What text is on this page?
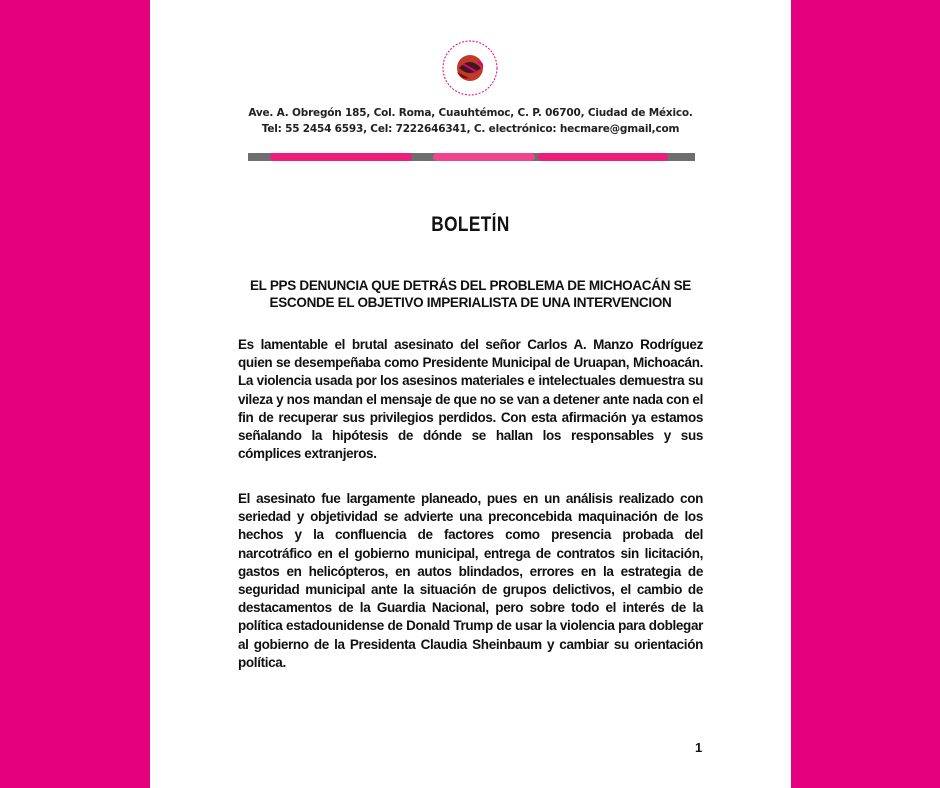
Ave. A. Obregón 185, Col. Roma, Cuauhtémoc, C. P. 06700, Ciudad de México.
Tel: 55 2454 6593, Cel: 7222646341, C. electrónico: hecmare@gmail,com
BOLETÍN
EL PPS DENUNCIA QUE DETRÁS DEL PROBLEMA DE MICHOACÁN SE
ESCONDE EL OBJETIVO IMPERIALISTA DE UNA INTERVENCION

Es lamentable el brutal asesinato del señor Carlos A. Manzo Rodríguez quien se desempeñaba como Presidente Municipal de Uruapan, Michoacán. La violencia usada por los asesinos materiales e intelectuales demuestra su vileza y nos mandan el mensaje de que no se van a detener ante nada con el fin de recuperar sus privilegios perdidos. Con esta afirmación ya estamos señalando la hipótesis de dónde se hallan los responsables y sus cómplices extranjeros.

El asesinato fue largamente planeado, pues en un análisis realizado con seriedad y objetividad se advierte una preconcebida maquinación de los hechos y la confluencia de factores como presencia probada del narcotráfico en el gobierno municipal, entrega de contratos sin licitación, gastos en helicópteros, en autos blindados, errores en la estrategia de seguridad municipal ante la situación de grupos delictivos, el cambio de destacamentos de la Guardia Nacional, pero sobre todo el interés de la política estadounidense de Donald Trump de usar la violencia para doblegar al gobierno de la Presidenta Claudia Sheinbaum y cambiar su orientación política.

1
